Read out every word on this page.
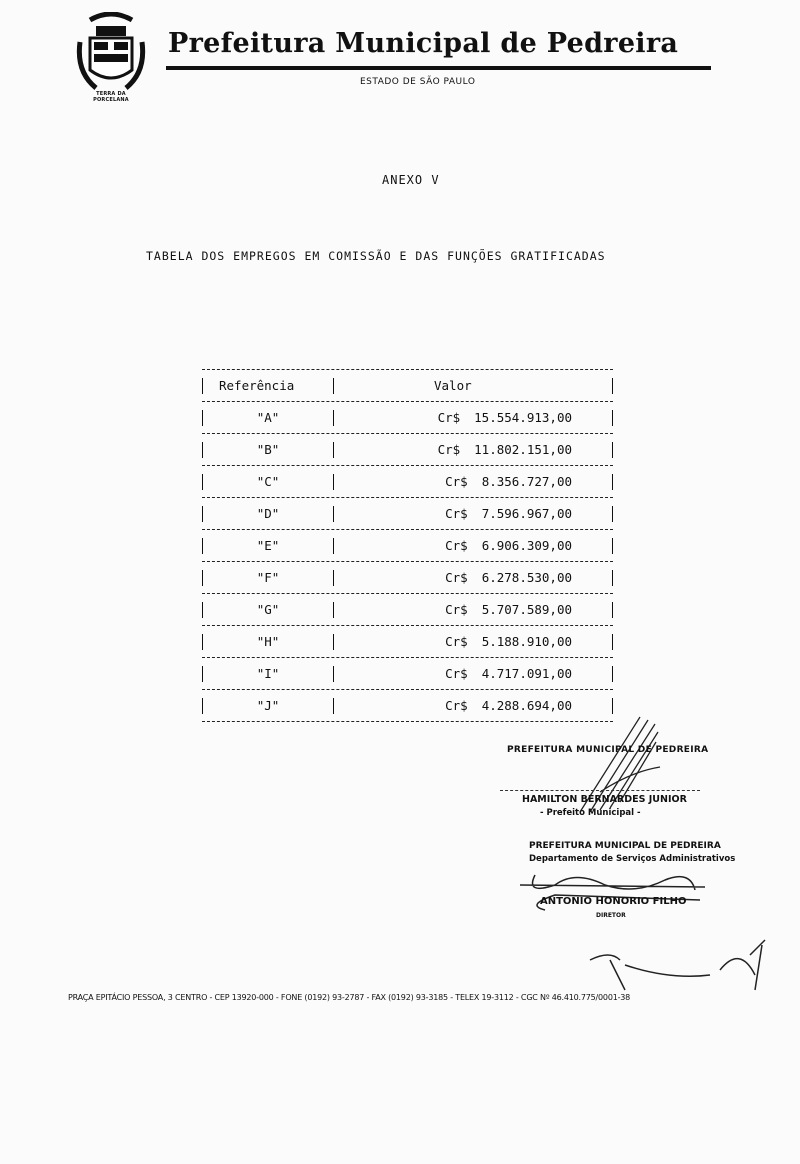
TERRA DA PORCELANA
Prefeitura Municipal de Pedreira
ESTADO DE SÃO PAULO
ANEXO V
TABELA DOS EMPREGOS EM COMISSÃO E DAS FUNÇÕES GRATIFICADAS
Referência	Valor
"A"	Cr$ 15.554.913,00
"B"	Cr$ 11.802.151,00
"C"	Cr$ 8.356.727,00
"D"	Cr$ 7.596.967,00
"E"	Cr$ 6.906.309,00
"F"	Cr$ 6.278.530,00
"G"	Cr$ 5.707.589,00
"H"	Cr$ 5.188.910,00
"I"	Cr$ 4.717.091,00
"J"	Cr$ 4.288.694,00
PREFEITURA MUNICIPAL DE PEDREIRA
HAMILTON BERNARDES JUNIOR
- Prefeito Municipal -
PREFEITURA MUNICIPAL DE PEDREIRA
Departamento de Serviços Administrativos
ANTONIO HONORIO FILHO
DIRETOR
PRAÇA EPITÁCIO PESSOA, 3 CENTRO - CEP 13920-000 - FONE (0192) 93-2787 - FAX (0192) 93-3185 - TELEX 19-3112 - CGC Nº 46.410.775/0001-38
